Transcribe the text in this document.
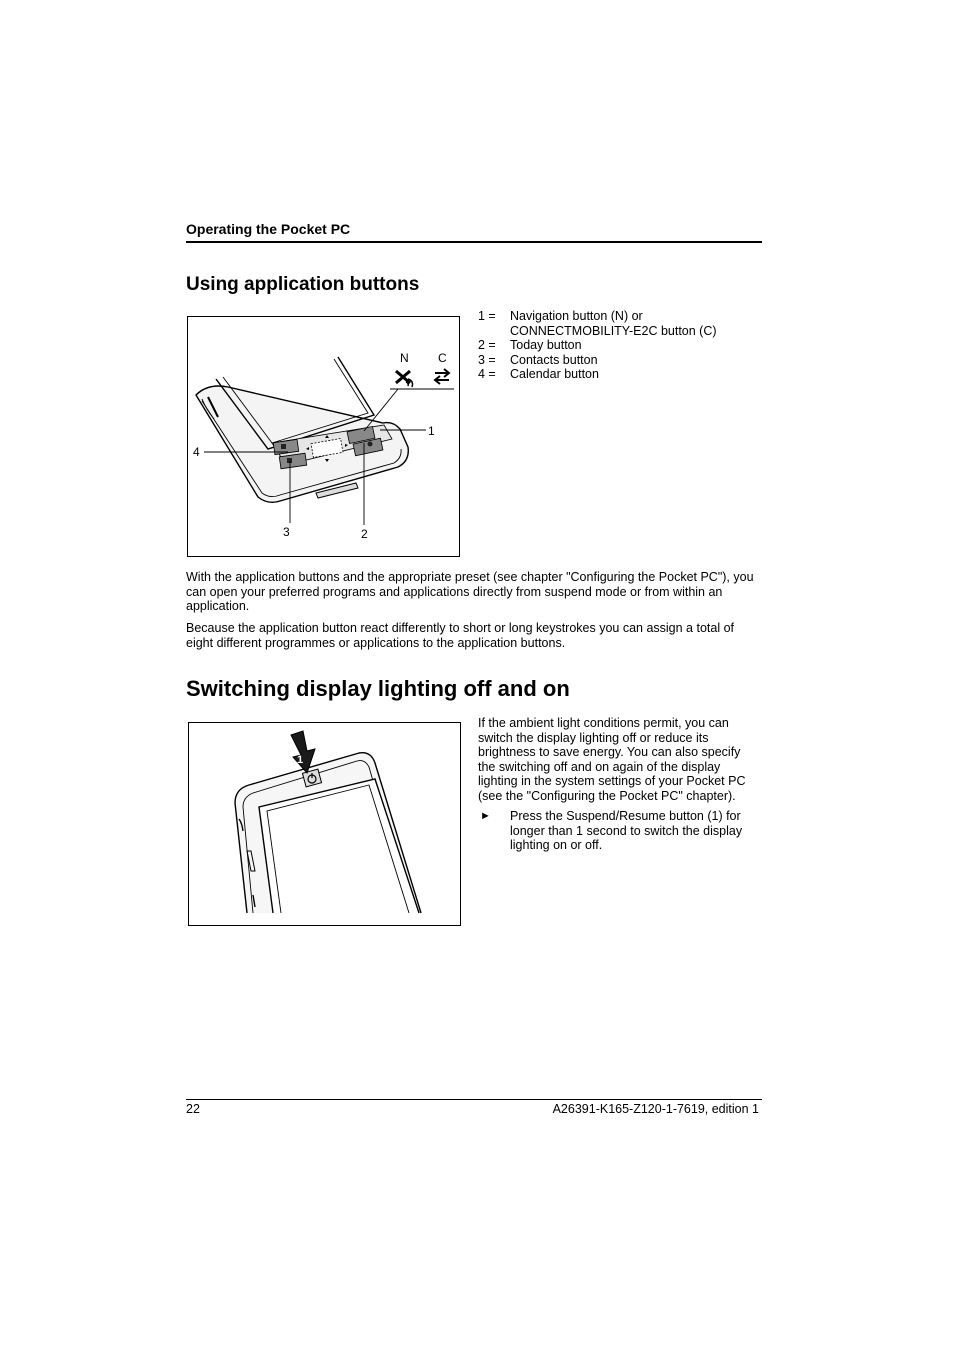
Operating the Pocket PC
Using application buttons
N C
1
2
3
4
1 =	Navigation button (N) or
CONNECTMOBILITY-E2C button (C)
2 =	Today button
3 =	Contacts button
4 =	Calendar button
With the application buttons and the appropriate preset (see chapter "Configuring the Pocket PC"), you can open your preferred programs and applications directly from suspend mode or from within an application.
Because the application button react differently to short or long keystrokes you can assign a total of eight different programmes or applications to the application buttons.
Switching display lighting off and on
1
If the ambient light conditions permit, you can switch the display lighting off or reduce its brightness to save energy. You can also specify the switching off and on again of the display lighting in the system settings of your Pocket PC (see the "Configuring the Pocket PC" chapter).
►	Press the Suspend/Resume button (1) for longer than 1 second to switch the display lighting on or off.
22	A26391-K165-Z120-1-7619, edition 1
